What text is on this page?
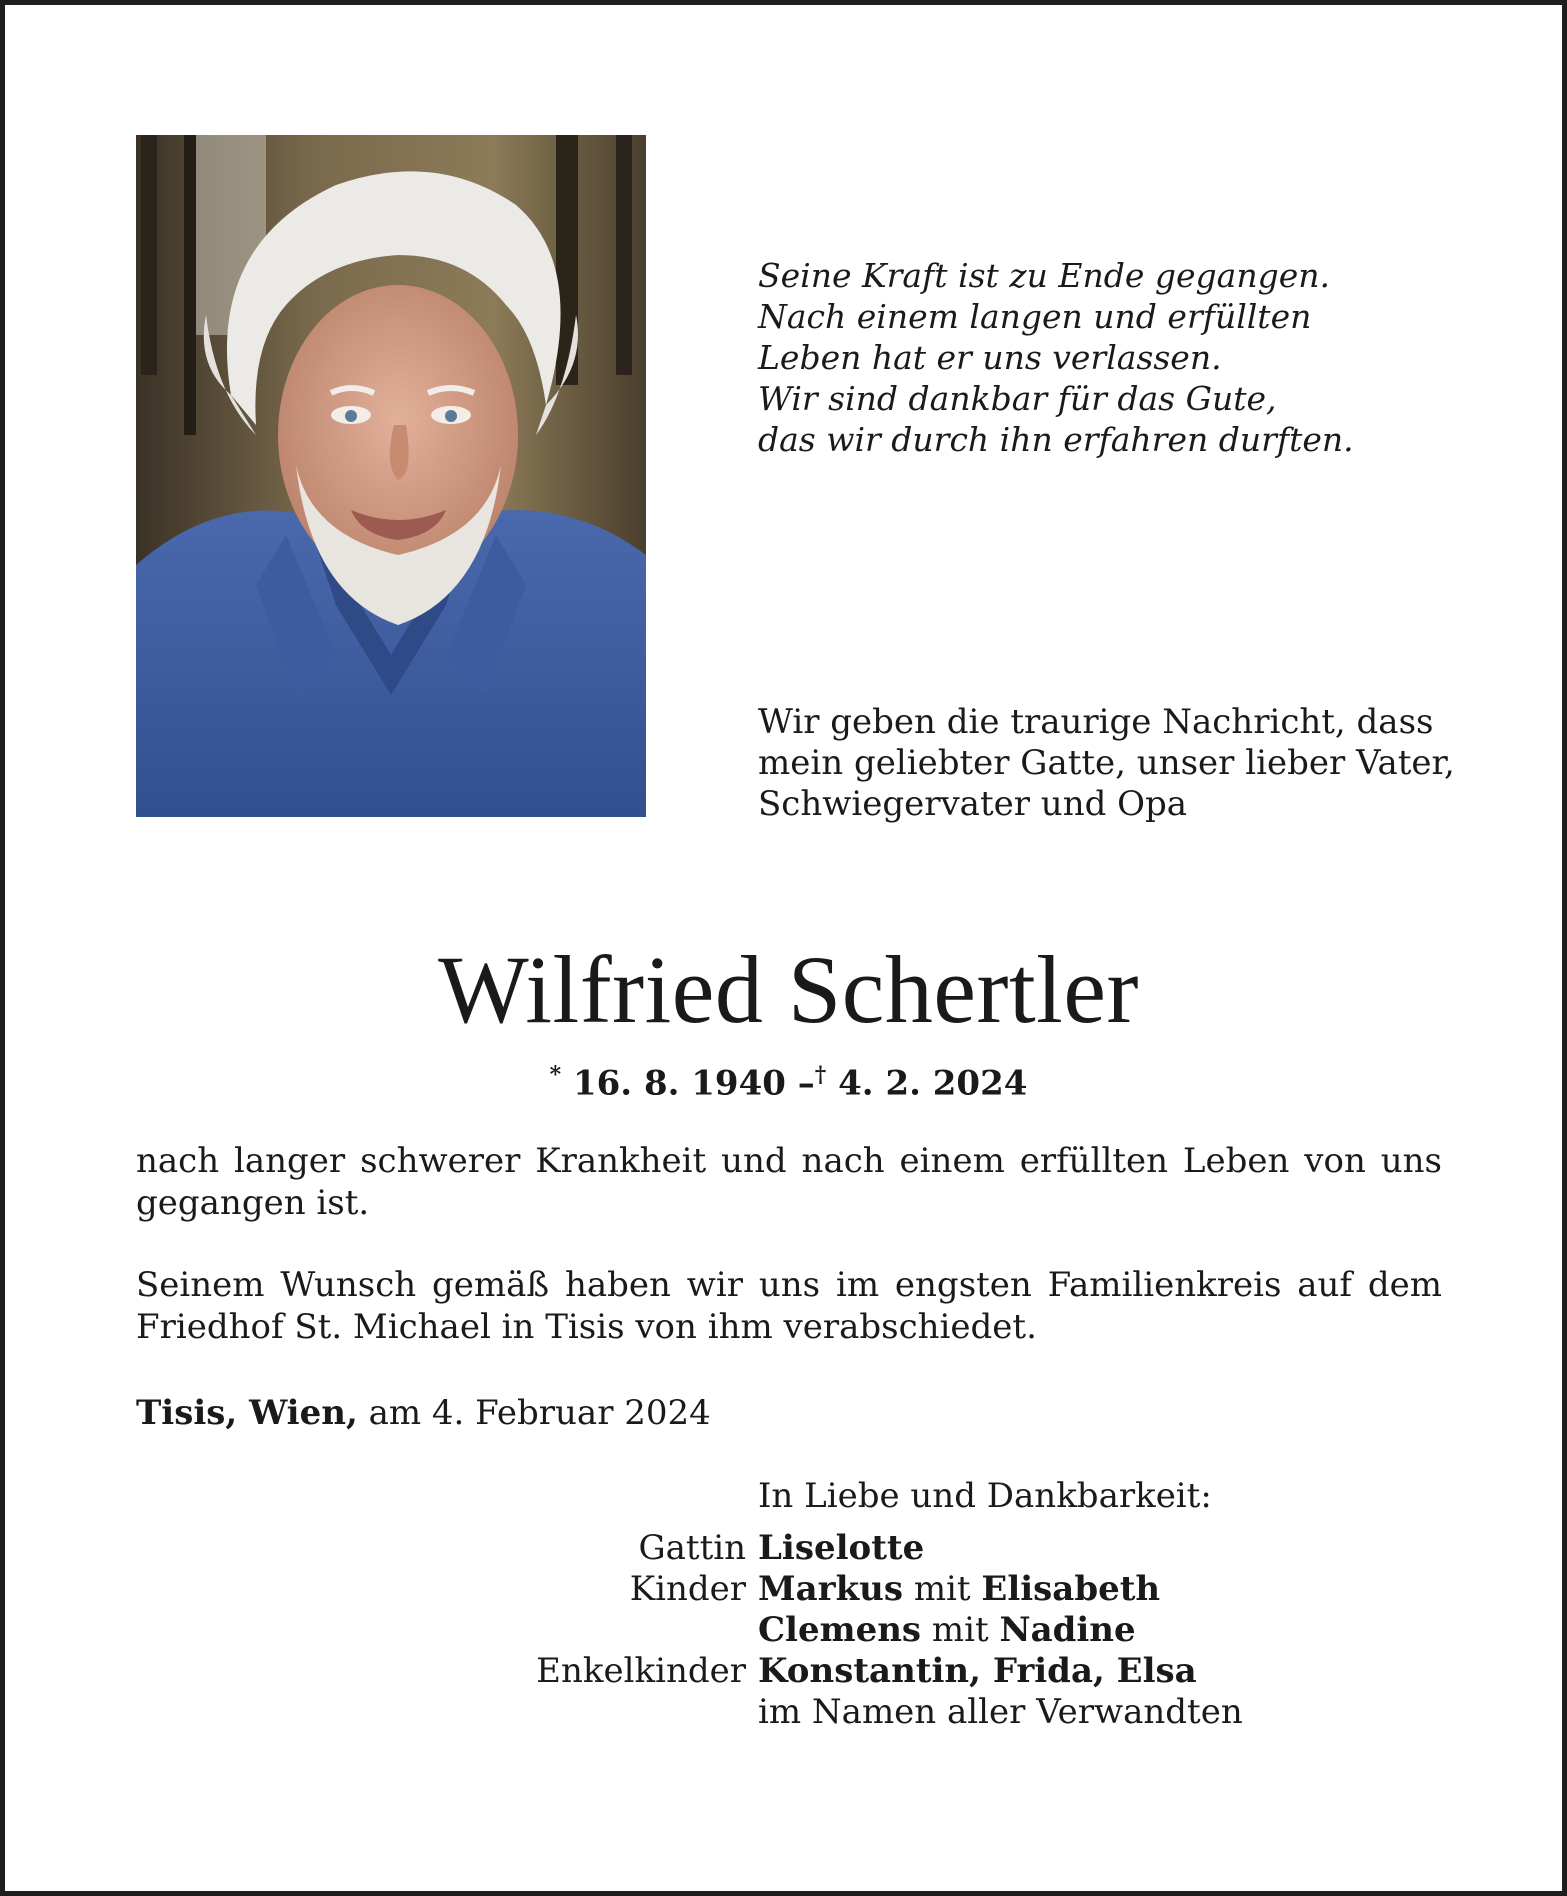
Seine Kraft ist zu Ende gegangen.
Nach einem langen und erfüllten
Leben hat er uns verlassen.
Wir sind dankbar für das Gute,
das wir durch ihn erfahren durften.
Wir geben die traurige Nachricht, dass
mein geliebter Gatte, unser lieber Vater,
Schwiegervater und Opa
Wilfried Schertler
* 16. 8. 1940 –† 4. 2. 2024
nach langer schwerer Krankheit und nach einem erfüllten Leben von uns gegangen ist.
Seinem Wunsch gemäß haben wir uns im engsten Familienkreis auf dem Friedhof St. Michael in Tisis von ihm verabschiedet.
Tisis, Wien, am 4. Februar 2024
In Liebe und Dankbarkeit:
Gattin Liselotte
Kinder Markus mit Elisabeth
Clemens mit Nadine
Enkelkinder Konstantin, Frida, Elsa
im Namen aller Verwandten
